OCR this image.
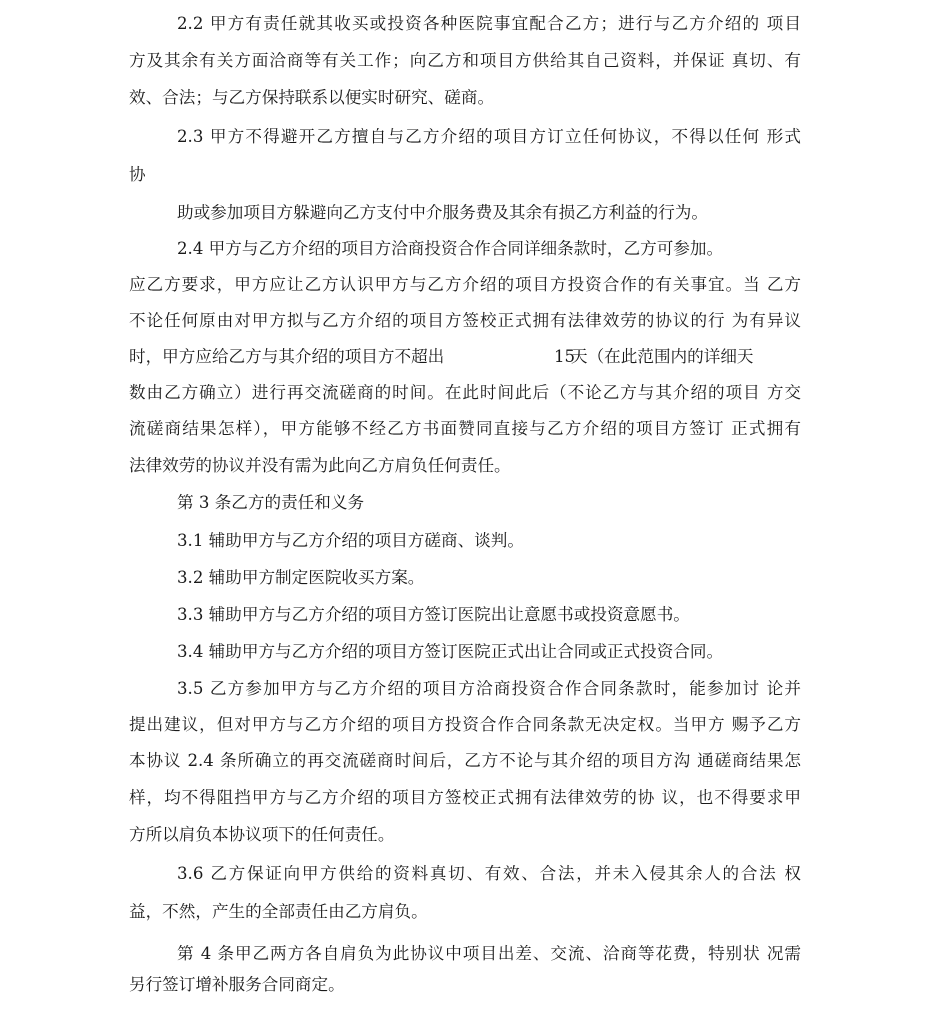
2.2 甲方有责任就其收买或投资各种医院事宜配合乙方；进行与乙方介绍的 项目
方及其余有关方面洽商等有关工作；向乙方和项目方供给其自己资料，并保证 真切、有
效、合法；与乙方保持联系以便实时研究、磋商。
2.3 甲方不得避开乙方擅自与乙方介绍的项目方订立任何协议，不得以任何 形式
协
助或参加项目方躲避向乙方支付中介服务费及其余有损乙方利益的行为。
2.4 甲方与乙方介绍的项目方洽商投资合作合同详细条款时，乙方可参加。
应乙方要求，甲方应让乙方认识甲方与乙方介绍的项目方投资合作的有关事宜。当 乙方
不论任何原由对甲方拟与乙方介绍的项目方签校正式拥有法律效劳的协议的行 为有异议
时，甲方应给乙方与其介绍的项目方不超出	15
天（在此范围内的详细天
数由乙方确立）进行再交流磋商的时间。在此时间此后（不论乙方与其介绍的项目 方交
流磋商结果怎样），甲方能够不经乙方书面赞同直接与乙方介绍的项目方签订 正式拥有
法律效劳的协议并没有需为此向乙方肩负任何责任。
第 3 条乙方的责任和义务
3.1 辅助甲方与乙方介绍的项目方磋商、谈判。
3.2 辅助甲方制定医院收买方案。
3.3 辅助甲方与乙方介绍的项目方签订医院出让意愿书或投资意愿书。
3.4 辅助甲方与乙方介绍的项目方签订医院正式出让合同或正式投资合同。
3.5 乙方参加甲方与乙方介绍的项目方洽商投资合作合同条款时，能参加讨 论并
提出建议，但对甲方与乙方介绍的项目方投资合作合同条款无决定权。当甲方 赐予乙方
本协议 2.4 条所确立的再交流磋商时间后，乙方不论与其介绍的项目方沟 通磋商结果怎
样，均不得阻挡甲方与乙方介绍的项目方签校正式拥有法律效劳的协 议，也不得要求甲
方所以肩负本协议项下的任何责任。
3.6 乙方保证向甲方供给的资料真切、有效、合法，并未入侵其余人的合法 权
益，不然，产生的全部责任由乙方肩负。
第 4 条甲乙两方各自肩负为此协议中项目出差、交流、洽商等花费，特别状 况需
另行签订增补服务合同商定。
